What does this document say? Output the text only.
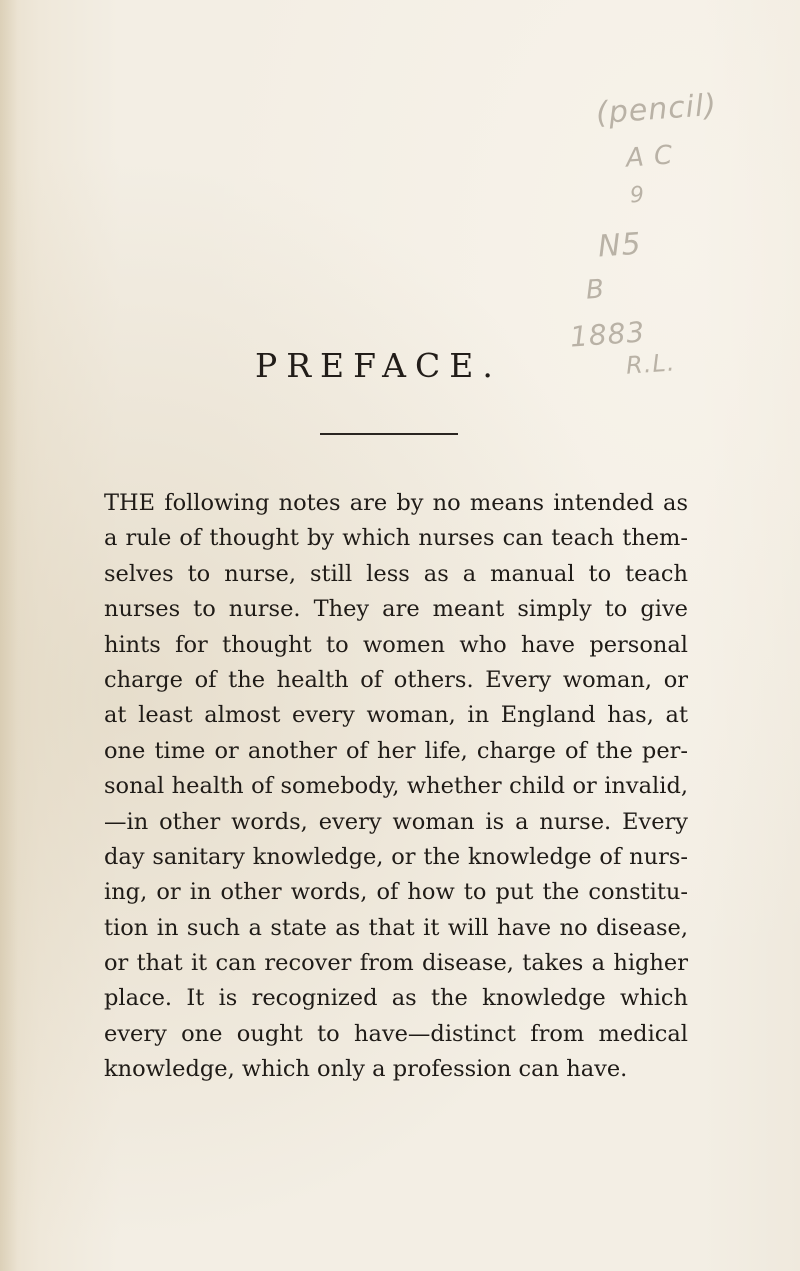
(pencil)
A C
9
N5
B
1883
R.L.
PREFACE.
THE following notes are by no means intended as
a rule of thought by which nurses can teach them-
selves to nurse, still less as a manual to teach
nurses to nurse. They are meant simply to give
hints for thought to women who have personal
charge of the health of others. Every woman, or
at least almost every woman, in England has, at
one time or another of her life, charge of the per-
sonal health of somebody, whether child or invalid,
—in other words, every woman is a nurse. Every
day sanitary knowledge, or the knowledge of nurs-
ing, or in other words, of how to put the constitu-
tion in such a state as that it will have no disease,
or that it can recover from disease, takes a higher
place. It is recognized as the knowledge which
every one ought to have—distinct from medical
knowledge, which only a profession can have.
